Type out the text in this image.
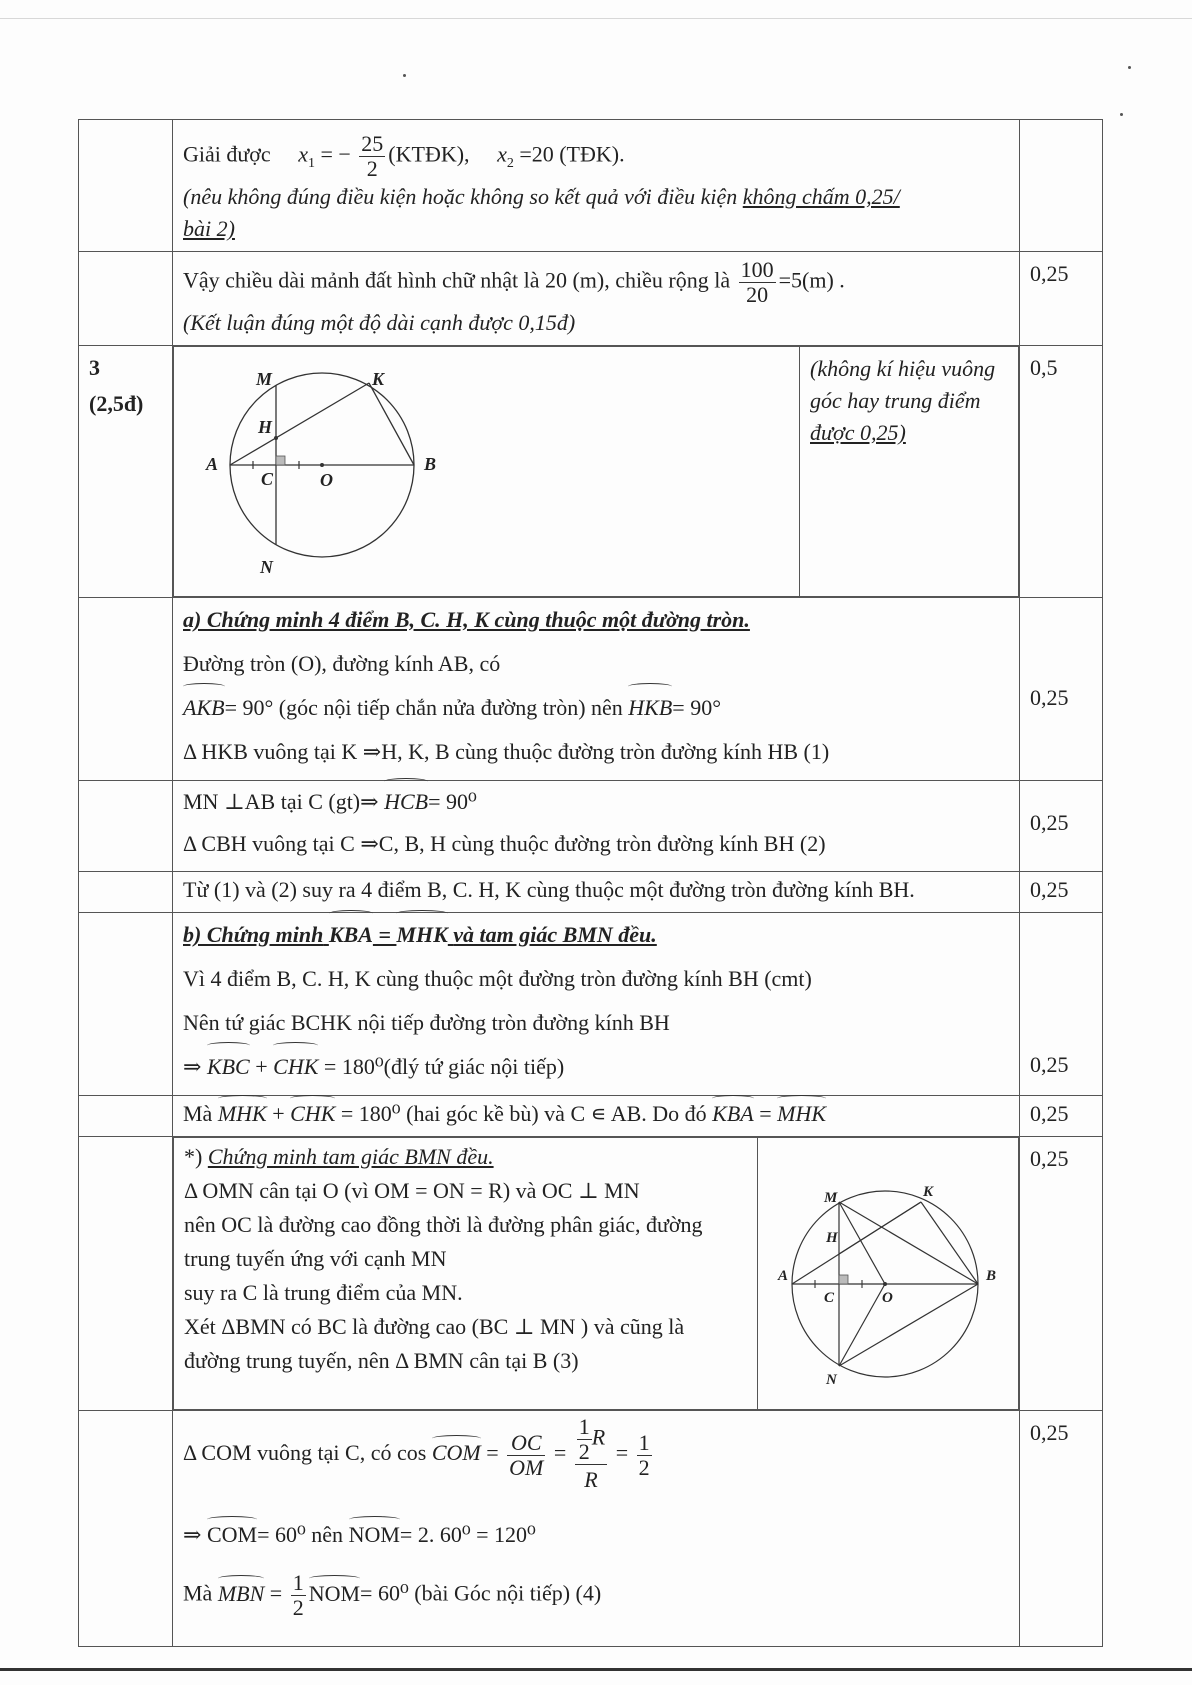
Giải được $x_1$ = − $\frac{25}{2}$ (KTĐK), $x_2 =20$ (TĐK).
(nêu không đúng điều kiện hoặc không so kết quả với điều kiện không chấm 0,25/
bài 2)

Vậy chiều dài mảnh đất hình chữ nhật là 20 (m), chiều rộng là $\frac{100}{20} =5(m)$ .
(Kết luận đúng một độ dài cạnh được 0,15đ)
	0,25

3
(2,5đ)

M	K
H
A
C	O
B
N

(không kí hiệu vuông
góc hay trung điểm
được 0,25)
	0,5

a) Chứng minh 4 điểm B, C. H, K cùng thuộc một đường tròn.
Đường tròn (O), đường kính AB, có
AKB= 90° (góc nội tiếp chắn nửa đường tròn) nên HKB= 90°
Δ HKB vuông tại K ⇒H, K, B cùng thuộc đường tròn đường kính HB (1)
	0,25

MN ⊥AB tại C (gt)⇒ HCB= 90⁰
Δ CBH vuông tại C ⇒C, B, H cùng thuộc đường tròn đường kính BH (2)
	0,25

Từ (1) và (2) suy ra 4 điểm B, C. H, K cùng thuộc một đường tròn đường kính BH.	0,25

b) Chứng minh KBA = MHK và tam giác BMN đều.
Vì 4 điểm B, C. H, K cùng thuộc một đường tròn đường kính BH (cmt)
Nên tứ giác BCHK nội tiếp đường tròn đường kính BH
⇒ KBC + CHK = 180⁰(đlý tứ giác nội tiếp)	0,25

Mà MHK + CHK = 180⁰ (hai góc kề bù) và C ∊ AB. Do đó KBA = MHK	0,25

*) Chứng minh tam giác BMN đều.
Δ OMN cân tại O (vì OM = ON = R) và OC ⊥ MN
nên OC là đường cao đồng thời là đường phân giác, đường
trung tuyến ứng với cạnh MN
suy ra C là trung điểm của MN.
Xét ΔBMN có BC là đường cao (BC ⊥ MN ) và cũng là
đường trung tuyến, nên Δ BMN cân tại B (3)

M	K
H
A
C	O
B
N
	0,25

Δ COM vuông tại C, có cos COM = $\frac{OC}{OM} = \frac{\frac{1}{2} R}{R} = \frac{1}{2}$
⇒ COM= 60⁰ nên NOM= 2. 60⁰ = 120⁰
Mà MBN = $\frac{1}{2} NOM= 60^0$ (bài Góc nội tiếp) (4)
	0,25
